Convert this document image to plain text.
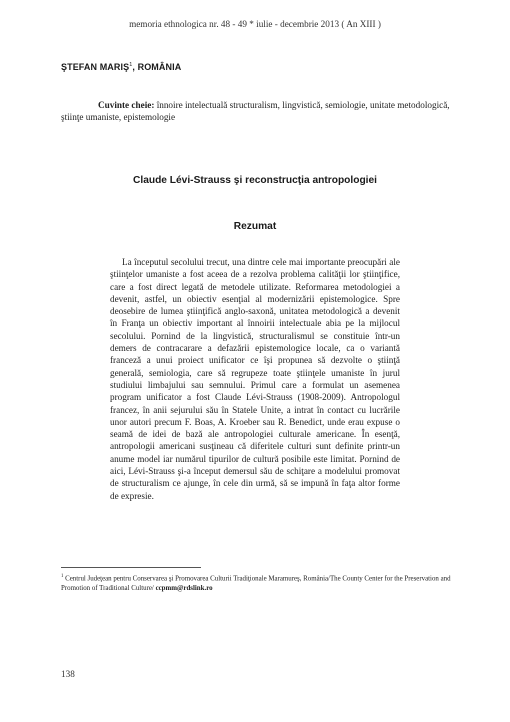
memoria ethnologica nr. 48 - 49 * iulie - decembrie 2013 ( An XIII )
ŞTEFAN MARIŞ$^1$, ROMÂNIA
Cuvinte cheie: înnoire intelectuală structuralism, lingvistică, semiologie, unitate metodologică, ştiinţe umaniste, epistemologie
Claude Lévi-Strauss şi reconstrucţia antropologiei
Rezumat
La începutul secolului trecut, una dintre cele mai importante preocupări ale ştiinţelor umaniste a fost aceea de a rezolva problema calităţii lor ştiinţifice, care a fost direct legată de metodele utilizate. Reformarea metodologiei a devenit, astfel, un obiectiv esenţial al modernizării epistemologice. Spre deosebire de lumea ştiinţifică anglo-saxonă, unitatea metodologică a devenit în Franţa un obiectiv important al înnoirii intelectuale abia pe la mijlocul secolului. Pornind de la lingvistică, structuralismul se constituie într-un demers de contracarare a defazării epistemologice locale, ca o variantă franceză a unui proiect unificator ce îşi propunea să dezvolte o ştiinţă generală, semiologia, care să regrupeze toate ştiinţele umaniste în jurul studiului limbajului sau semnului. Primul care a formulat un asemenea program unificator a fost Claude Lévi-Strauss (1908-2009). Antropologul francez, în anii sejurului său în Statele Unite, a intrat în contact cu lucrările unor autori precum F. Boas, A. Kroeber sau R. Benedict, unde erau expuse o seamă de idei de bază ale antropologiei culturale americane. În esenţă, antropologii americani susţineau că diferitele culturi sunt definite printr-un anume model iar numărul tipurilor de cultură posibile este limitat. Pornind de aici, Lévi-Strauss şi-a început demersul său de schiţare a modelului promovat de structuralism ce ajunge, în cele din urmă, să se impună în faţa altor forme de expresie.
$^1$ Centrul Judeţean pentru Conservarea şi Promovarea Culturii Tradiţionale Maramureş, România/The County Center for the Preservation and Promotion of Traditional Culture/ ccpmm@rdslink.ro
138
